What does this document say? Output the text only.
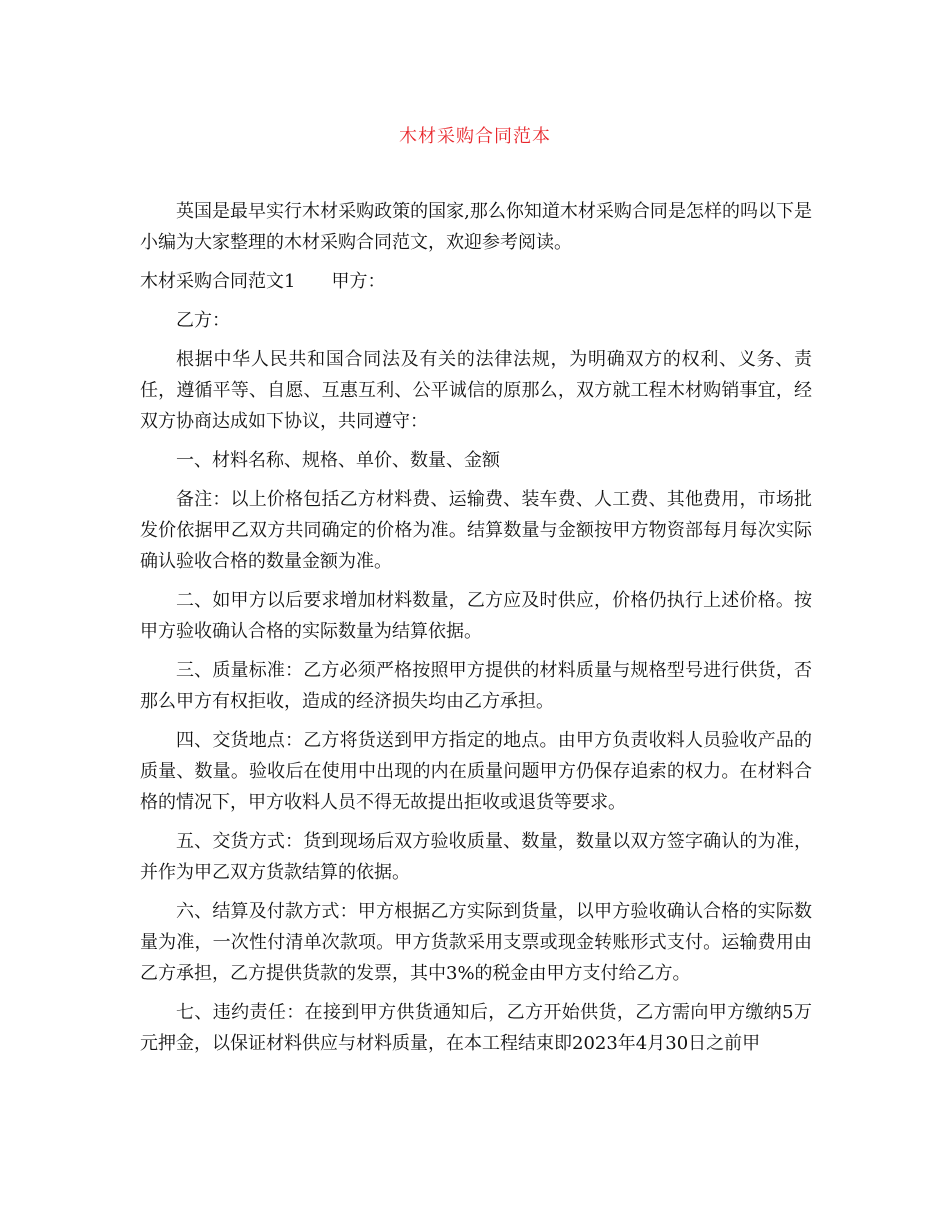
木材采购合同范本

英国是最早实行木材采购政策的国家,那么你知道木材采购合同是怎样的吗以下是小编为大家整理的木材采购合同范文，欢迎参考阅读。

木材采购合同范文1 甲方：

乙方：

根据中华人民共和国合同法及有关的法律法规，为明确双方的权利、义务、责任，遵循平等、自愿、互惠互利、公平诚信的原那么，双方就工程木材购销事宜，经双方协商达成如下协议，共同遵守：

一、材料名称、规格、单价、数量、金额

备注：以上价格包括乙方材料费、运输费、装车费、人工费、其他费用，市场批发价依据甲乙双方共同确定的价格为准。结算数量与金额按甲方物资部每月每次实际确认验收合格的数量金额为准。

二、如甲方以后要求增加材料数量，乙方应及时供应，价格仍执行上述价格。按甲方验收确认合格的实际数量为结算依据。

三、质量标准：乙方必须严格按照甲方提供的材料质量与规格型号进行供货，否那么甲方有权拒收，造成的经济损失均由乙方承担。

四、交货地点：乙方将货送到甲方指定的地点。由甲方负责收料人员验收产品的质量、数量。验收后在使用中出现的内在质量问题甲方仍保存追索的权力。在材料合格的情况下，甲方收料人员不得无故提出拒收或退货等要求。

五、交货方式：货到现场后双方验收质量、数量，数量以双方签字确认的为准，并作为甲乙双方货款结算的依据。

六、结算及付款方式：甲方根据乙方实际到货量，以甲方验收确认合格的实际数量为准，一次性付清单次款项。甲方货款采用支票或现金转账形式支付。运输费用由乙方承担，乙方提供货款的发票，其中3%的税金由甲方支付给乙方。

七、违约责任：在接到甲方供货通知后，乙方开始供货，乙方需向甲方缴纳5万元押金，以保证材料供应与材料质量，在本工程结束即2023年4月30日之前甲
